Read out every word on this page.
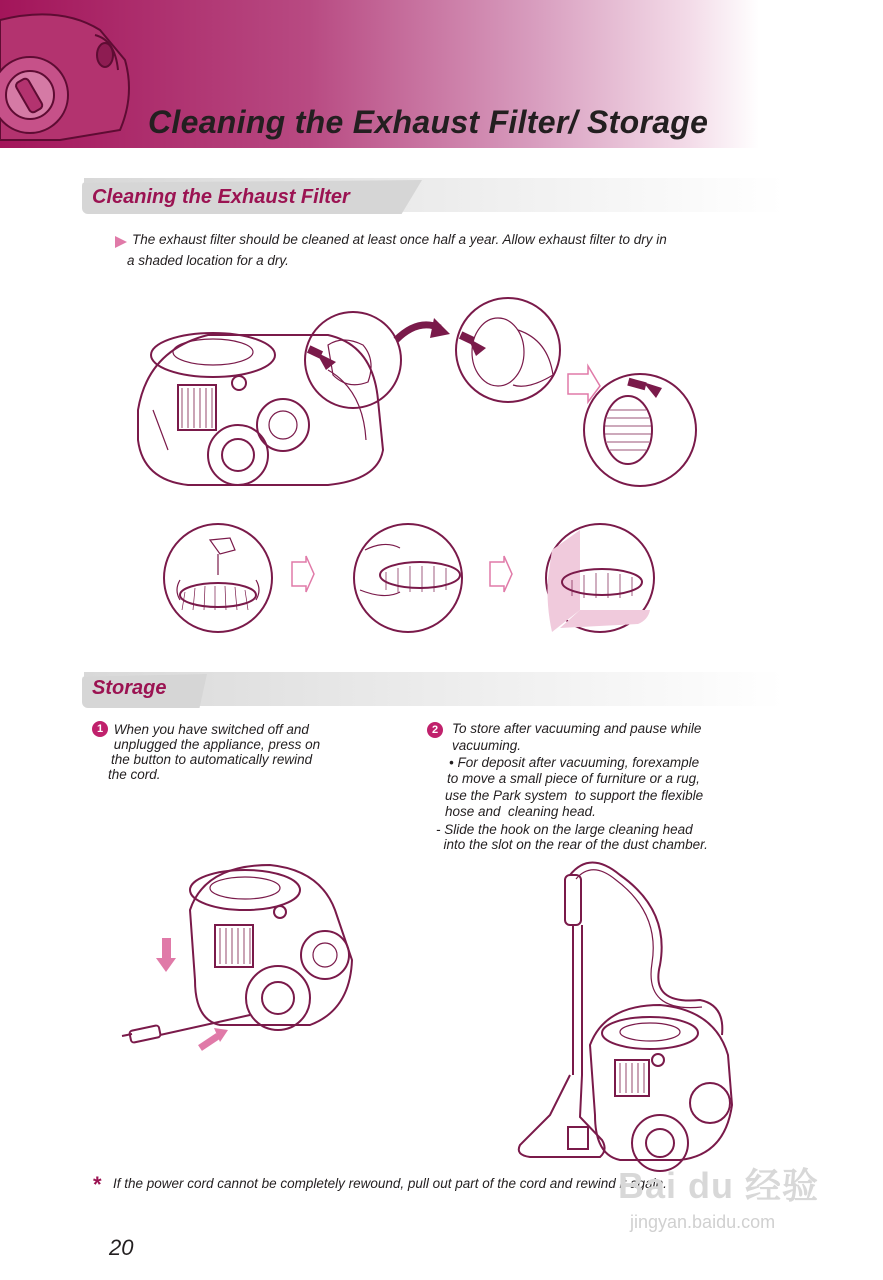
Cleaning the Exhaust Filter/ Storage
Cleaning the Exhaust Filter
The exhaust filter should be cleaned at least once half a year. Allow exhaust filter to dry in
a shaded location for a dry.
Storage
1 When you have switched off and
unplugged the appliance, press on
the button to automatically rewind
the cord.
2	To store after vacuuming and pause while
vacuuming.
• For deposit after vacuuming, forexample
to move a small piece of furniture or a rug,
use the Park system  to support the flexible
hose and  cleaning head.
- Slide the hook on the large cleaning head
into the slot on the rear of the dust chamber.
* If the power cord cannot be completely rewound, pull out part of the cord and rewind it again.
20
Bai du 经验
jingyan.baidu.com
